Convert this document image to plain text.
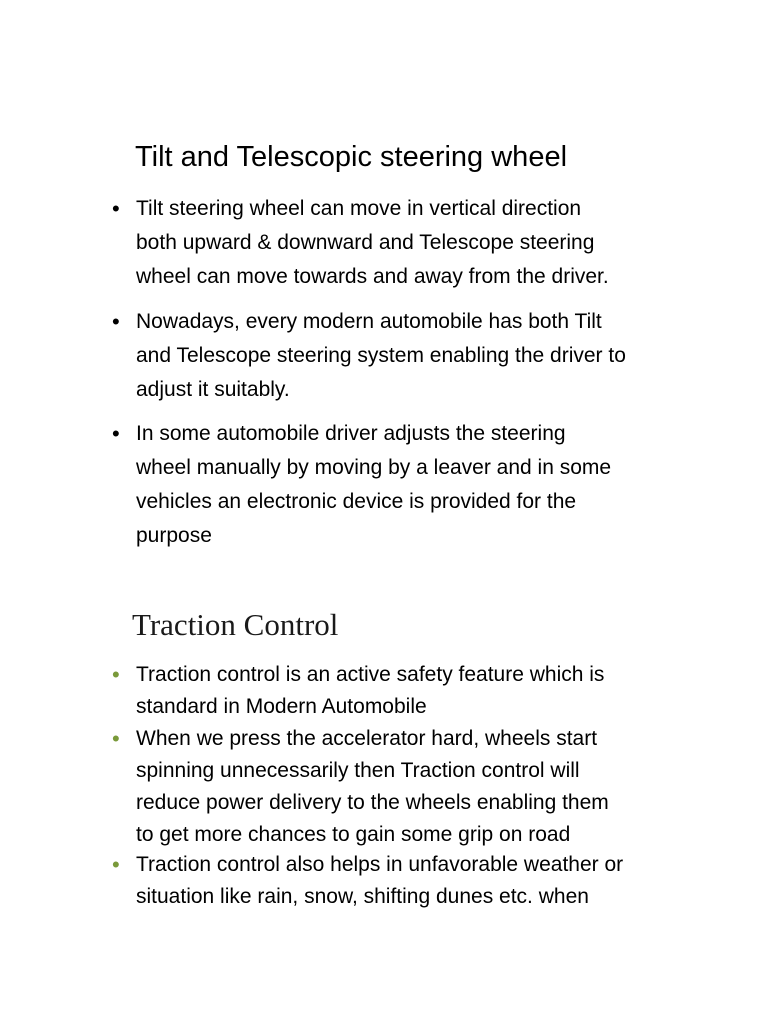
Tilt and Telescopic steering wheel
• Tilt steering wheel can move in vertical direction
both upward & downward and Telescope steering
wheel can move towards and away from the driver.
• Nowadays, every modern automobile has both Tilt
and Telescope steering system enabling the driver to
adjust it suitably.
• In some automobile driver adjusts the steering
wheel manually by moving by a leaver and in some
vehicles an electronic device is provided for the
purpose
Traction Control
• Traction control is an active safety feature which is
standard in Modern Automobile
• When we press the accelerator hard, wheels start
spinning unnecessarily then Traction control will
reduce power delivery to the wheels enabling them
to get more chances to gain some grip on road
• Traction control also helps in unfavorable weather or
situation like rain, snow, shifting dunes etc. when
